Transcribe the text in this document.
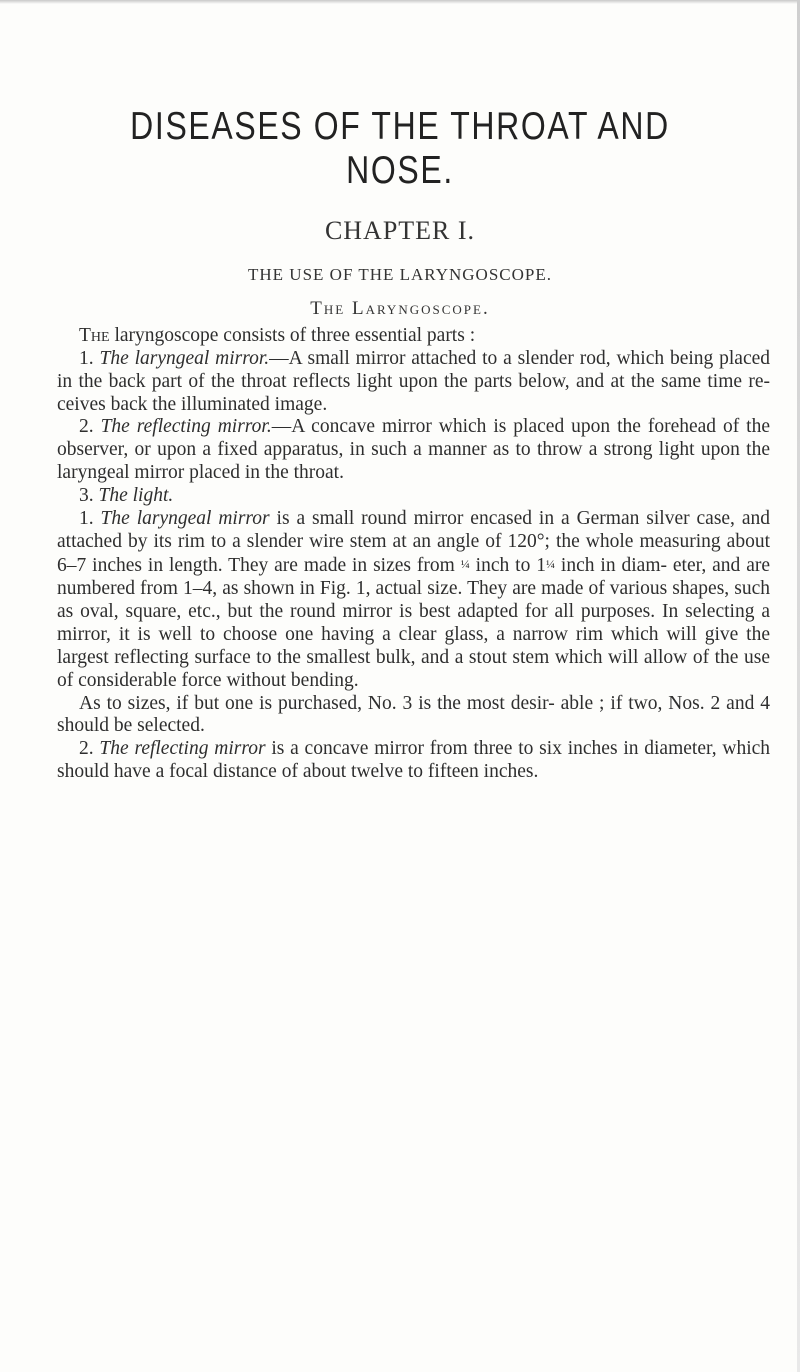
DISEASES OF THE THROAT AND NOSE.
CHAPTER I.
THE USE OF THE LARYNGOSCOPE.
The Laryngoscope.

The laryngoscope consists of three essential parts :

1. The laryngeal mirror.—A small mirror attached to a slender rod, which being placed in the back part of the throat reflects light upon the parts below, and at the same time re- ceives back the illuminated image.

2. The reflecting mirror.—A concave mirror which is placed upon the forehead of the observer, or upon a fixed apparatus, in such a manner as to throw a strong light upon the laryngeal mirror placed in the throat.

3. The light.

1. The laryngeal mirror is a small round mirror encased in a German silver case, and attached by its rim to a slender wire stem at an angle of 120°; the whole measuring about 6–7 inches in length. They are made in sizes from ¼ inch to 1¼ inch in diam- eter, and are numbered from 1–4, as shown in Fig. 1, actual size. They are made of various shapes, such as oval, square, etc., but the round mirror is best adapted for all purposes. In selecting a mirror, it is well to choose one having a clear glass, a narrow rim which will give the largest reflecting surface to the smallest bulk, and a stout stem which will allow of the use of considerable force without bending.

As to sizes, if but one is purchased, No. 3 is the most desir- able ; if two, Nos. 2 and 4 should be selected.

2. The reflecting mirror is a concave mirror from three to six inches in diameter, which should have a focal distance of about twelve to fifteen inches.
